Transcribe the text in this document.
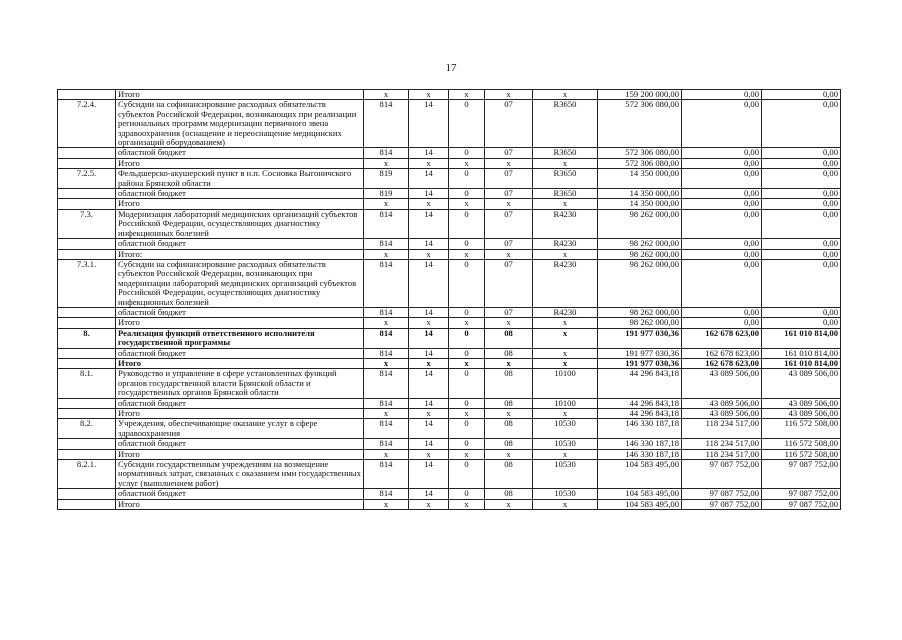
17
	Итого	x	x	x	x	x	159 200 000,00	0,00	0,00
7.2.4.	Субсидии на софинансирование расходных обязательств субъектов Российской Федерации, возникающих при реализации региональных программ модернизации первичного звена здравоохранения (оснащение и переоснащение медицинских организаций оборудованием)	814	14	0	07	R3650	572 306 080,00	0,00	0,00
	областной бюджет	814	14	0	07	R3650	572 306 080,00	0,00	0,00
	Итого	x	x	x	x	x	572 306 080,00	0,00	0,00
7.2.5.	Фельдшерско-акушерский пункт в н.п. Сосновка Выгоничского района Брянской области	819	14	0	07	R3650	14 350 000,00	0,00	0,00
	областной бюджет	819	14	0	07	R3650	14 350 000,00	0,00	0,00
	Итого	x	x	x	x	x	14 350 000,00	0,00	0,00
7.3.	Модернизация лабораторий медицинских организаций субъектов Российской Федерации, осуществляющих диагностику инфекционных болезней	814	14	0	07	R4230	98 262 000,00	0,00	0,00
	областной бюджет	814	14	0	07	R4230	98 262 000,00	0,00	0,00
	Итого:	x	x	x	x	x	98 262 000,00	0,00	0,00
7.3.1.	Субсидии на софинансирование расходных обязательств субъектов Российской Федерации, возникающих при модернизации лабораторий медицинских организаций субъектов Российской Федерации, осуществляющих диагностику инфекционных болезней	814	14	0	07	R4230	98 262 000,00	0,00	0,00
	областной бюджет	814	14	0	07	R4230	98 262 000,00	0,00	0,00
	Итого	x	x	x	x	x	98 262 000,00	0,00	0,00
8.	Реализация функций ответственного исполнителя государственной программы	814	14	0	08	x	191 977 030,36	162 678 623,00	161 010 814,00
	областной бюджет	814	14	0	08	x	191 977 030,36	162 678 623,00	161 010 814,00
	Итого	x	x	x	x	x	191 977 030,36	162 678 623,00	161 010 814,00
8.1.	Руководство и управление в сфере установленных функций органов государственной власти Брянской области и государственных органов Брянской области	814	14	0	08	10100	44 296 843,18	43 089 506,00	43 089 506,00
	областной бюджет	814	14	0	08	10100	44 296 843,18	43 089 506,00	43 089 506,00
	Итого	x	x	x	x	x	44 296 843,18	43 089 506,00	43 089 506,00
8.2.	Учреждения, обеспечивающие оказание услуг в сфере здравоохранения	814	14	0	08	10530	146 330 187,18	118 234 517,00	116 572 508,00
	областной бюджет	814	14	0	08	10530	146 330 187,18	118 234 517,00	116 572 508,00
	Итого	x	x	x	x	x	146 330 187,18	118 234 517,00	116 572 508,00
8.2.1.	Субсидии государственным учреждениям на возмещение нормативных затрат, связанных с оказанием ими государственных услуг (выполнением работ)	814	14	0	08	10530	104 583 495,00	97 087 752,00	97 087 752,00
	областной бюджет	814	14	0	08	10530	104 583 495,00	97 087 752,00	97 087 752,00
	Итого	x	x	x	x	x	104 583 495,00	97 087 752,00	97 087 752,00
